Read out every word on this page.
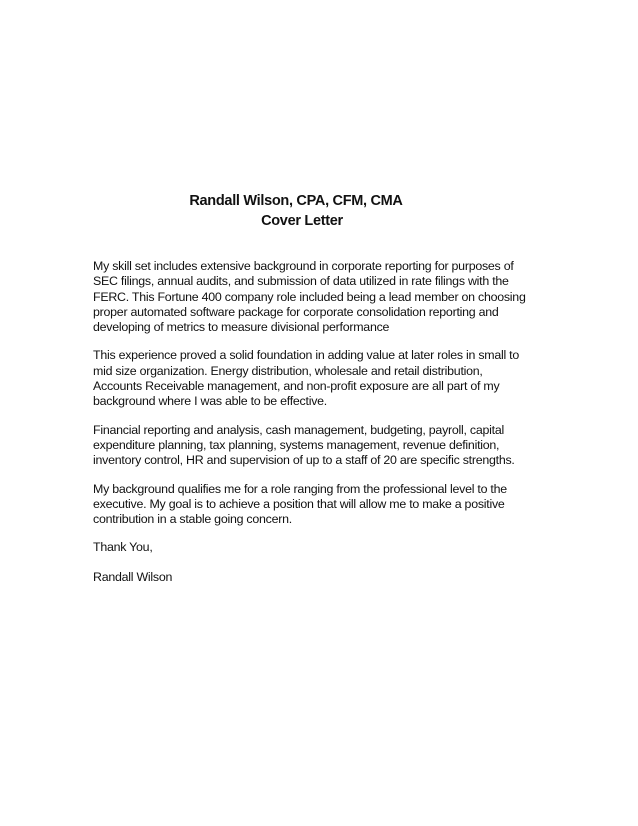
Randall Wilson, CPA, CFM, CMA
Cover Letter

My skill set includes extensive background in corporate reporting for purposes of
SEC filings, annual audits, and submission of data utilized in rate filings with the
FERC. This Fortune 400 company role included being a lead member on choosing
proper automated software package for corporate consolidation reporting and
developing of metrics to measure divisional performance

This experience proved a solid foundation in adding value at later roles in small to
mid size organization. Energy distribution, wholesale and retail distribution,
Accounts Receivable management, and non-profit exposure are all part of my
background where I was able to be effective.

Financial reporting and analysis, cash management, budgeting, payroll, capital
expenditure planning, tax planning, systems management, revenue definition,
inventory control, HR and supervision of up to a staff of 20 are specific strengths.

My background qualifies me for a role ranging from the professional level to the
executive. My goal is to achieve a position that will allow me to make a positive
contribution in a stable going concern.

Thank You,

Randall Wilson
